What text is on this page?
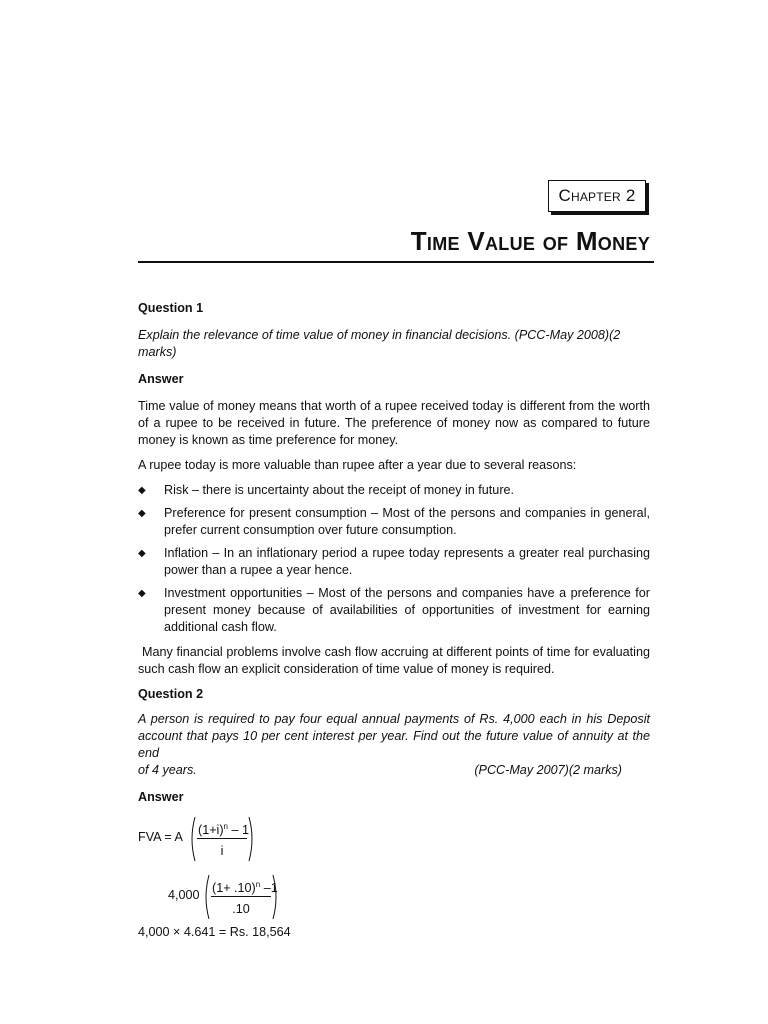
Chapter 2
Time Value of Money

Question 1

Explain the relevance of time value of money in financial decisions. (PCC-May 2008)(2 marks)

Answer

Time value of money means that worth of a rupee received today is different from the worth of a rupee to be received in future. The preference of money now as compared to future money is known as time preference for money.

A rupee today is more valuable than rupee after a year due to several reasons:

◆	Risk – there is uncertainty about the receipt of money in future.
◆	Preference for present consumption – Most of the persons and companies in general, prefer current consumption over future consumption.
◆	Inflation – In an inflationary period a rupee today represents a greater real purchasing power than a rupee a year hence.
◆	Investment opportunities – Most of the persons and companies have a preference for present money because of availabilities of opportunities of investment for earning additional cash flow.

Many financial problems involve cash flow accruing at different points of time for evaluating such cash flow an explicit consideration of time value of money is required.

Question 2

A person is required to pay four equal annual payments of Rs. 4,000 each in his Deposit account that pays 10 per cent interest per year. Find out the future value of annuity at the end

of 4 years.	(PCC-May 2007)(2 marks)

Answer

FVA = A $(1+i)^n - 1$
i
4,000 $(1+ .10)^n$ –1
.10

4,000 × 4.641 = Rs. 18,564
